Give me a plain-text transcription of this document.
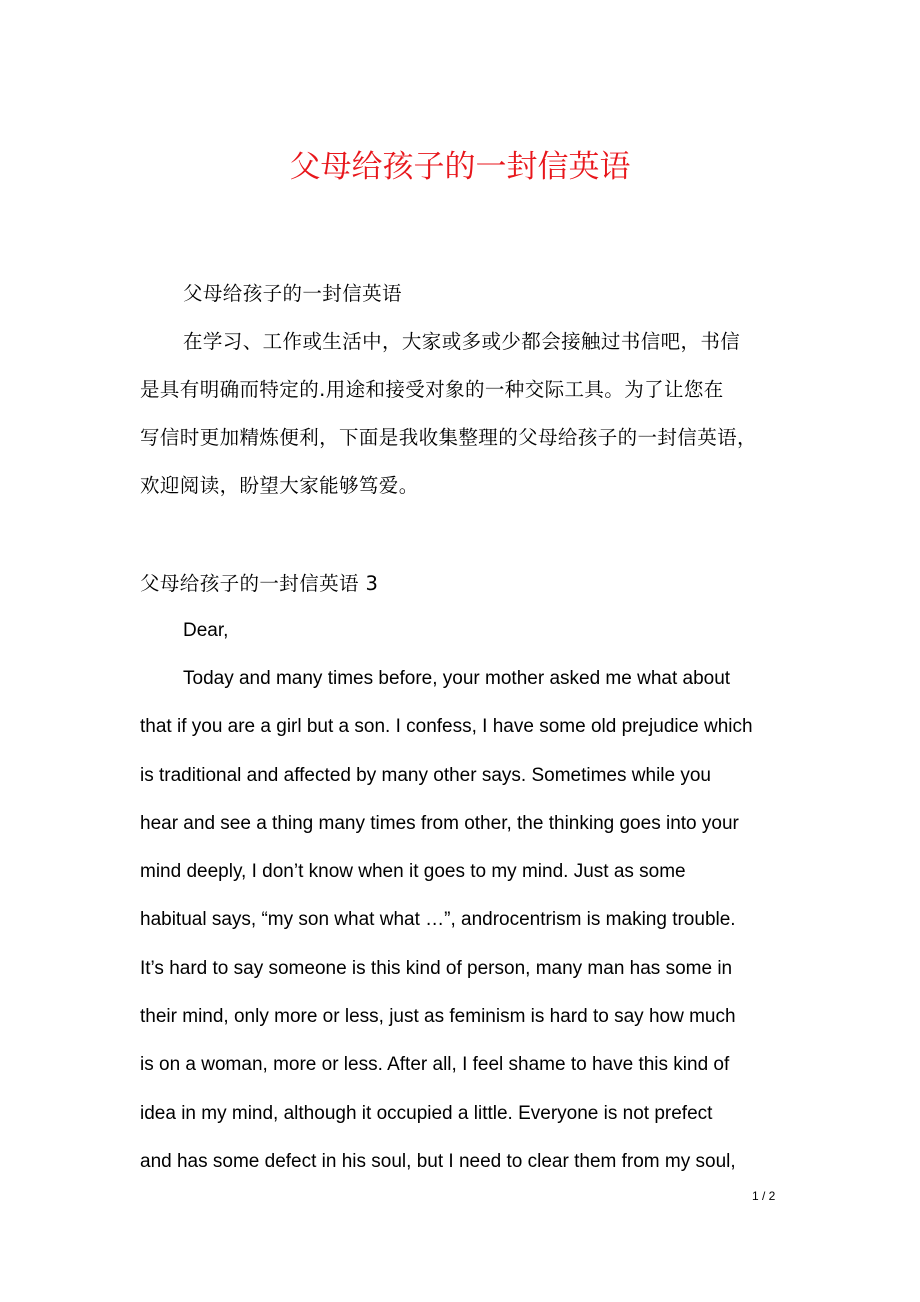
父母给孩子的一封信英语

父母给孩子的一封信英语

在学习、工作或生活中，大家或多或少都会接触过书信吧，书信

是具有明确而特定的.用途和接受对象的一种交际工具。为了让您在

写信时更加精炼便利，下面是我收集整理的父母给孩子的一封信英语，

欢迎阅读，盼望大家能够笃爱。

父母给孩子的一封信英语 3

Dear,

Today and many times before, your mother asked me what about

that if you are a girl but a son. I confess, I have some old prejudice which

is traditional and affected by many other says. Sometimes while you

hear and see a thing many times from other, the thinking goes into your

mind deeply, I don’t know when it goes to my mind. Just as some

habitual says, “my son what what …”, androcentrism is making trouble.

It’s hard to say someone is this kind of person, many man has some in

their mind, only more or less, just as feminism is hard to say how much

is on a woman, more or less. After all, I feel shame to have this kind of

idea in my mind, although it occupied a little. Everyone is not prefect

and has some defect in his soul, but I need to clear them from my soul,

1 / 2
